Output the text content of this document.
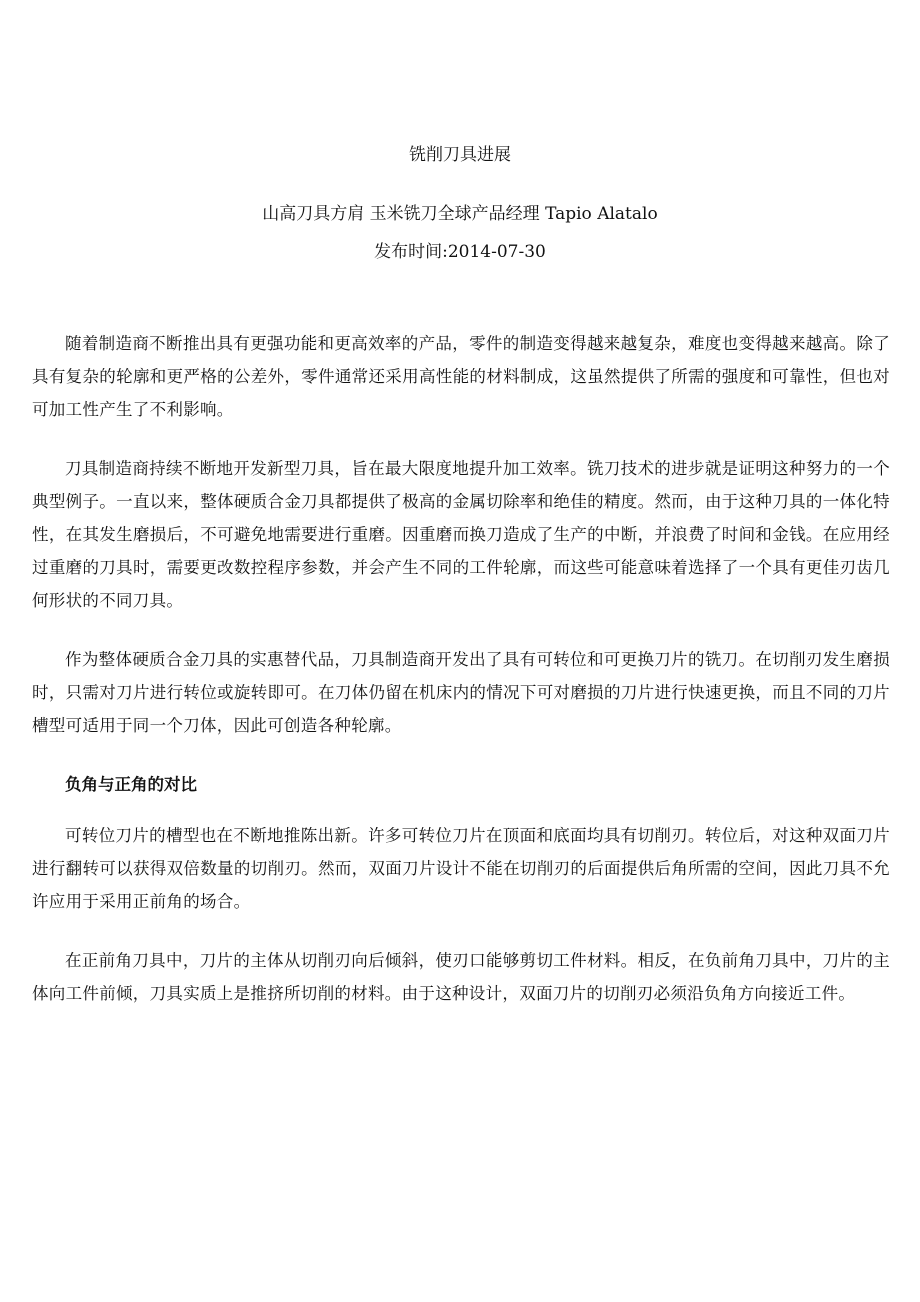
铣削刀具进展
山高刀具方肩 玉米铣刀全球产品经理 Tapio Alatalo
发布时间:2014-07-30

随着制造商不断推出具有更强功能和更高效率的产品，零件的制造变得越来越复杂，难度也变得越来越高。除了具有复杂的轮廓和更严格的公差外，零件通常还采用高性能的材料制成，这虽然提供了所需的强度和可靠性，但也对可加工性产生了不利影响。

刀具制造商持续不断地开发新型刀具，旨在最大限度地提升加工效率。铣刀技术的进步就是证明这种努力的一个典型例子。一直以来，整体硬质合金刀具都提供了极高的金属切除率和绝佳的精度。然而，由于这种刀具的一体化特性，在其发生磨损后，不可避免地需要进行重磨。因重磨而换刀造成了生产的中断，并浪费了时间和金钱。在应用经过重磨的刀具时，需要更改数控程序参数，并会产生不同的工件轮廓，而这些可能意味着选择了一个具有更佳刃齿几何形状的不同刀具。

作为整体硬质合金刀具的实惠替代品，刀具制造商开发出了具有可转位和可更换刀片的铣刀。在切削刃发生磨损时，只需对刀片进行转位或旋转即可。在刀体仍留在机床内的情况下可对磨损的刀片进行快速更换，而且不同的刀片槽型可适用于同一个刀体，因此可创造各种轮廓。

负角与正角的对比

可转位刀片的槽型也在不断地推陈出新。许多可转位刀片在顶面和底面均具有切削刃。转位后，对这种双面刀片进行翻转可以获得双倍数量的切削刃。然而，双面刀片设计不能在切削刃的后面提供后角所需的空间，因此刀具不允许应用于采用正前角的场合。

在正前角刀具中，刀片的主体从切削刃向后倾斜，使刃口能够剪切工件材料。相反，在负前角刀具中，刀片的主体向工件前倾，刀具实质上是推挤所切削的材料。由于这种设计，双面刀片的切削刃必须沿负角方向接近工件。
